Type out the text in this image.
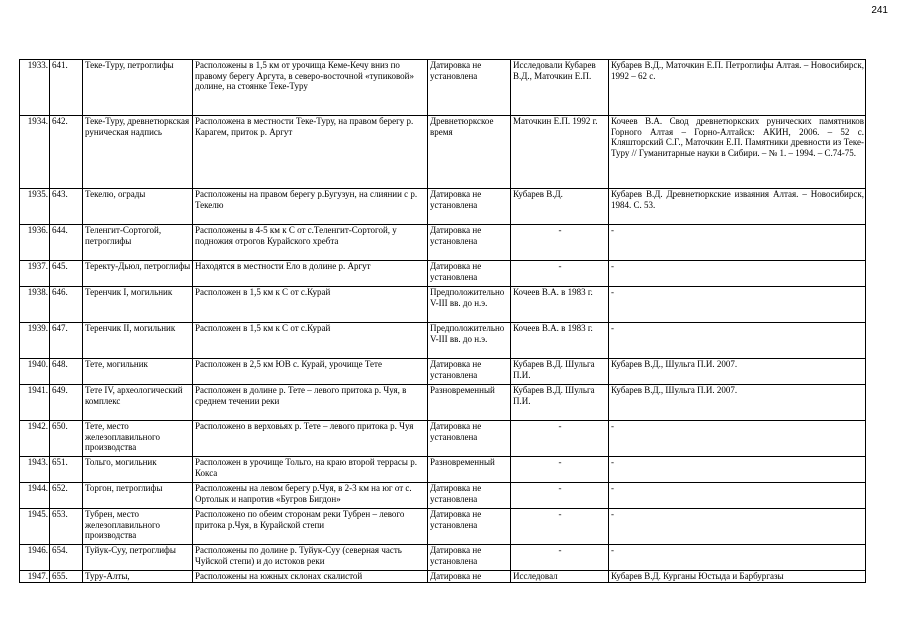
241
1933.	641.	Теке-Туру, петроглифы	Расположены в 1,5 км от урочища Кеме-Кечу вниз по правому берегу Аргута, в северо-восточной «тупиковой» долине, на стоянке Теке-Туру	Датировка не установлена	Исследовали Кубарев В.Д., Маточкин Е.П.	Кубарев В.Д., Маточкин Е.П. Петроглифы Алтая. – Новосибирск, 1992 – 62 с.
1934.	642.	Теке-Туру, древнетюркская руническая надпись	Расположена в местности Теке-Туру, на правом берегу р. Карагем, приток р. Аргут	Древнетюркское время	Маточкин Е.П. 1992 г.	Кочеев В.А. Свод древнетюркских рунических памятников Горного Алтая – Горно-Алтайск: АКИН, 2006. – 52 с. Кляшторский С.Г., Маточкин Е.П. Памятники древности из Теке-Туру // Гуманитарные науки в Сибири. – № 1. – 1994. – С.74-75.
1935.	643.	Текелю, ограды	Расположены на правом берегу р.Бугузун, на слиянии с р. Текелю	Датировка не установлена	Кубарев В.Д.	Кубарев В.Д. Древнетюркские изваяния Алтая. – Новосибирск, 1984. С. 53.
1936.	644.	Теленгит-Сортогой, петроглифы	Расположены в 4-5 км к С от с.Теленгит-Сортогой, у подножия отрогов Курайского хребта	Датировка не установлена	-	-
1937.	645.	Теректу-Дьюл, петроглифы	Находятся в местности Ело в долине р. Аргут	Датировка не установлена	-	-
1938.	646.	Теренчик I, могильник	Расположен в 1,5 км к С от с.Курай	Предположительно V-III вв. до н.э.	Кочеев В.А. в 1983 г.	-
1939.	647.	Теренчик II, могильник	Расположен в 1,5 км к С от с.Курай	Предположительно V-III вв. до н.э.	Кочеев В.А. в 1983 г.	-
1940.	648.	Тете, могильник	Расположен в 2,5 км ЮВ с. Курай, урочище Тете	Датировка не установлена	Кубарев В.Д. Шульга П.И.	Кубарев В.Д., Шульга П.И. 2007.
1941.	649.	Тете IV, археологический комплекс	Расположен в долине р. Тете – левого притока р. Чуя, в среднем течении реки	Разновременный	Кубарев В.Д. Шульга П.И.	Кубарев В.Д., Шульга П.И. 2007.
1942.	650.	Тете, место железоплавильного производства	Расположено в верховьях р. Тете – левого притока р. Чуя	Датировка не установлена	-	-
1943.	651.	Тольго, могильник	Расположен в урочище Тольго, на краю второй террасы р. Кокса	Разновременный	-	-
1944.	652.	Торгон, петроглифы	Расположены на левом берегу р.Чуя, в 2-3 км на юг от с. Ортолык и напротив «Бугров Бигдон»	Датировка не установлена	-	-
1945.	653.	Тубрен, место железоплавильного производства	Расположено по обеим сторонам реки Тубрен – левого притока р.Чуя, в Курайской степи	Датировка не установлена	-	-
1946.	654.	Туйук-Суу, петроглифы	Расположены по долине р. Туйук-Суу (северная часть Чуйской степи) и до истоков реки	Датировка не установлена	-	-
1947.	655.	Туру-Алты,	Расположены на южных склонах скалистой	Датировка не	Исследовал	Кубарев В.Д. Курганы Юстыда и Барбургазы
